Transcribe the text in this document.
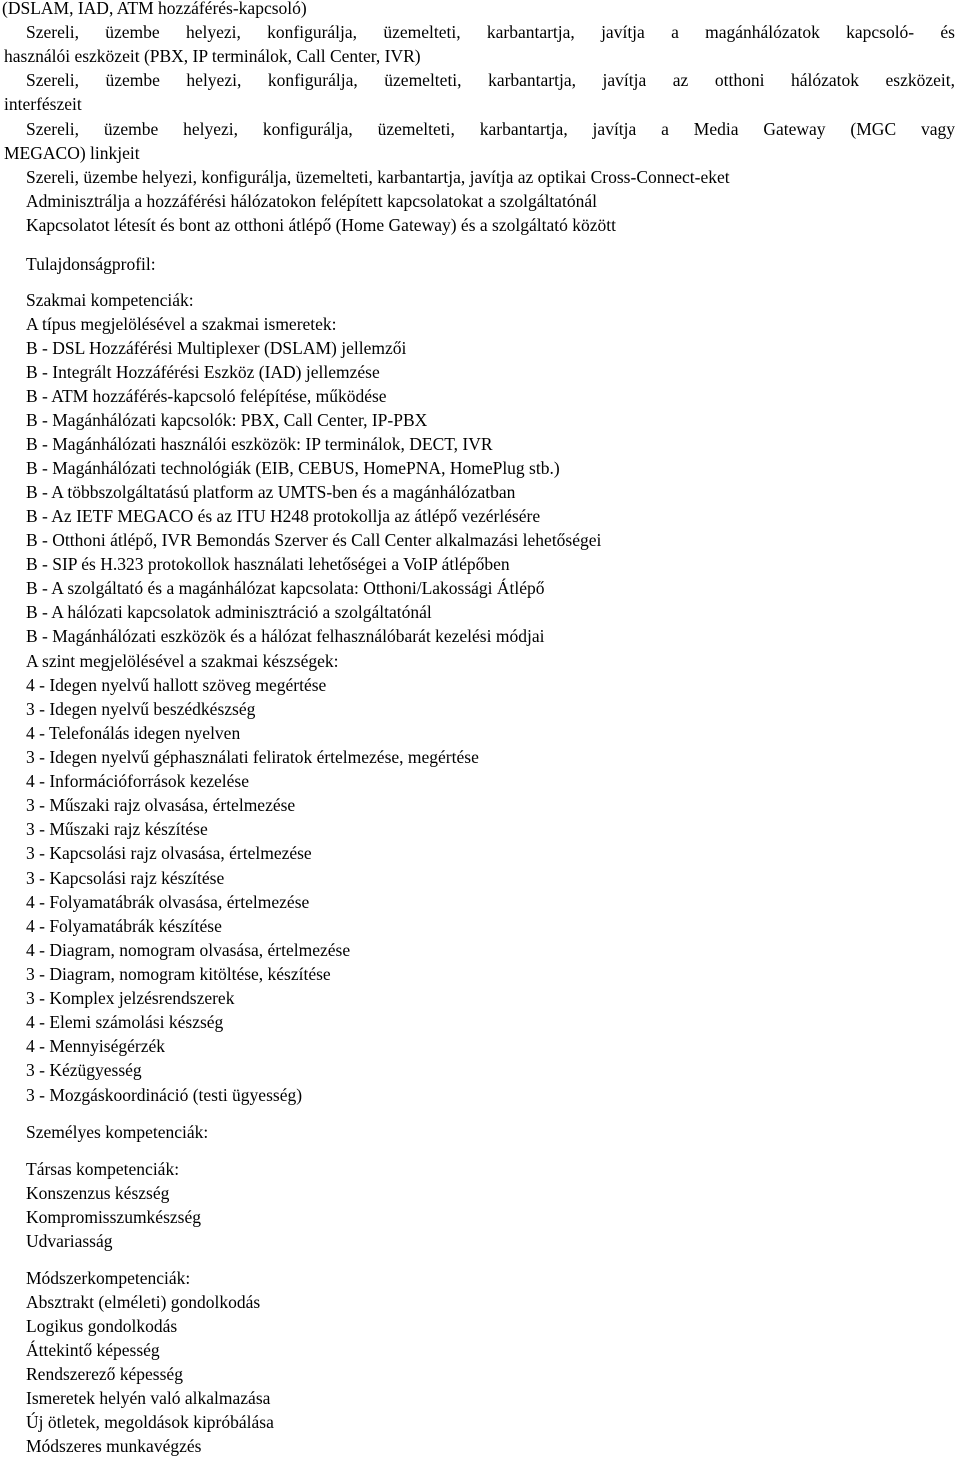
(DSLAM, IAD, ATM hozzáférés-kapcsoló)
Szereli, üzembe helyezi, konfigurálja, üzemelteti, karbantartja, javítja a magánhálózatok kapcsoló- és
használói eszközeit (PBX, IP terminálok, Call Center, IVR)
Szereli, üzembe helyezi, konfigurálja, üzemelteti, karbantartja, javítja az otthoni hálózatok eszközeit,
interfészeit
Szereli, üzembe helyezi, konfigurálja, üzemelteti, karbantartja, javítja a Media Gateway (MGC vagy
MEGACO) linkjeit
Szereli, üzembe helyezi, konfigurálja, üzemelteti, karbantartja, javítja az optikai Cross-Connect-eket
Adminisztrálja a hozzáférési hálózatokon felépített kapcsolatokat a szolgáltatónál
Kapcsolatot létesít és bont az otthoni átlépő (Home Gateway) és a szolgáltató között
Tulajdonságprofil:
Szakmai kompetenciák:
A típus megjelölésével a szakmai ismeretek:
B - DSL Hozzáférési Multiplexer (DSLAM) jellemzői
B - Integrált Hozzáférési Eszköz (IAD) jellemzése
B - ATM hozzáférés-kapcsoló felépítése, működése
B - Magánhálózati kapcsolók: PBX, Call Center, IP-PBX
B - Magánhálózati használói eszközök: IP terminálok, DECT, IVR
B - Magánhálózati technológiák (EIB, CEBUS, HomePNA, HomePlug stb.)
B - A többszolgáltatású platform az UMTS-ben és a magánhálózatban
B - Az IETF MEGACO és az ITU H248 protokollja az átlépő vezérlésére
B - Otthoni átlépő, IVR Bemondás Szerver és Call Center alkalmazási lehetőségei
B - SIP és H.323 protokollok használati lehetőségei a VoIP átlépőben
B - A szolgáltató és a magánhálózat kapcsolata: Otthoni/Lakossági Átlépő
B - A hálózati kapcsolatok adminisztráció a szolgáltatónál
B - Magánhálózati eszközök és a hálózat felhasználóbarát kezelési módjai
A szint megjelölésével a szakmai készségek:
4 - Idegen nyelvű hallott szöveg megértése
3 - Idegen nyelvű beszédkészség
4 - Telefonálás idegen nyelven
3 - Idegen nyelvű géphasználati feliratok értelmezése, megértése
4 - Információforrások kezelése
3 - Műszaki rajz olvasása, értelmezése
3 - Műszaki rajz készítése
3 - Kapcsolási rajz olvasása, értelmezése
3 - Kapcsolási rajz készítése
4 - Folyamatábrák olvasása, értelmezése
4 - Folyamatábrák készítése
4 - Diagram, nomogram olvasása, értelmezése
3 - Diagram, nomogram kitöltése, készítése
3 - Komplex jelzésrendszerek
4 - Elemi számolási készség
4 - Mennyiségérzék
3 - Kézügyesség
3 - Mozgáskoordináció (testi ügyesség)
Személyes kompetenciák:
Társas kompetenciák:
Konszenzus készség
Kompromisszumkészség
Udvariasság
Módszerkompetenciák:
Absztrakt (elméleti) gondolkodás
Logikus gondolkodás
Áttekintő képesség
Rendszerező képesség
Ismeretek helyén való alkalmazása
Új ötletek, megoldások kipróbálása
Módszeres munkavégzés
